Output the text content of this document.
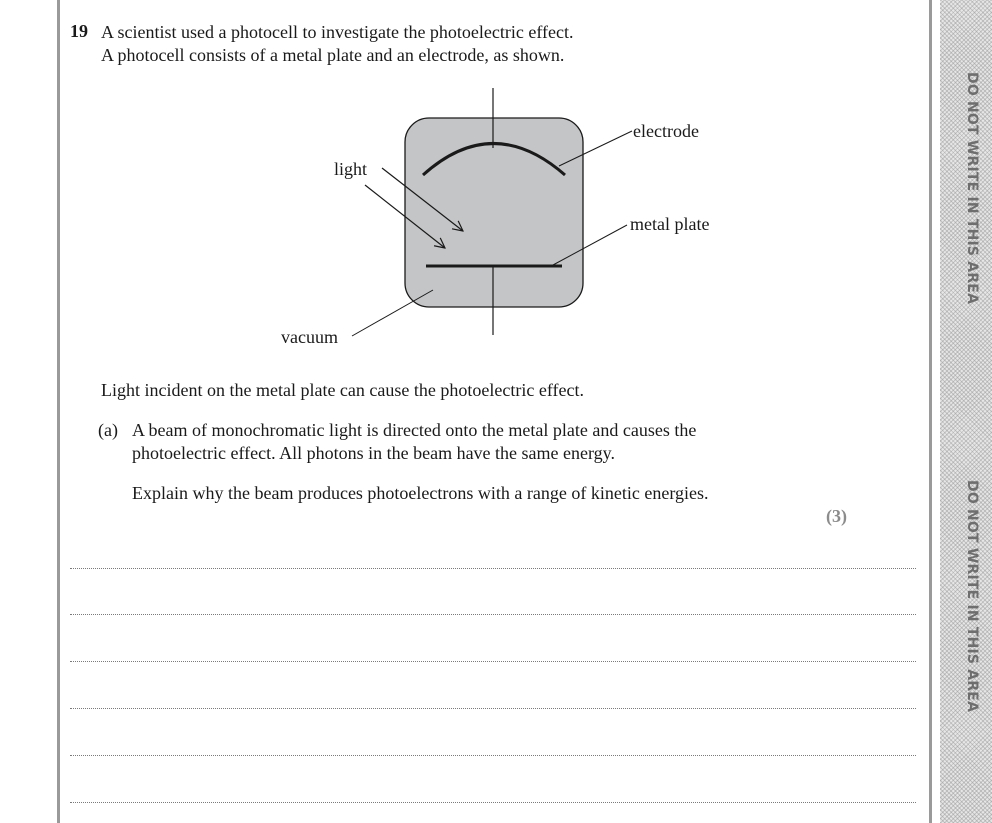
DO NOT WRITE IN THIS AREA
DO NOT WRITE IN THIS AREA
19 A scientist used a photocell to investigate the photoelectric effect.
A photocell consists of a metal plate and an electrode, as shown.
electrode
light
metal plate
vacuum
Light incident on the metal plate can cause the photoelectric effect.
(a) A beam of monochromatic light is directed onto the metal plate and causes the
photoelectric effect. All photons in the beam have the same energy.
Explain why the beam produces photoelectrons with a range of kinetic energies.
(3)
